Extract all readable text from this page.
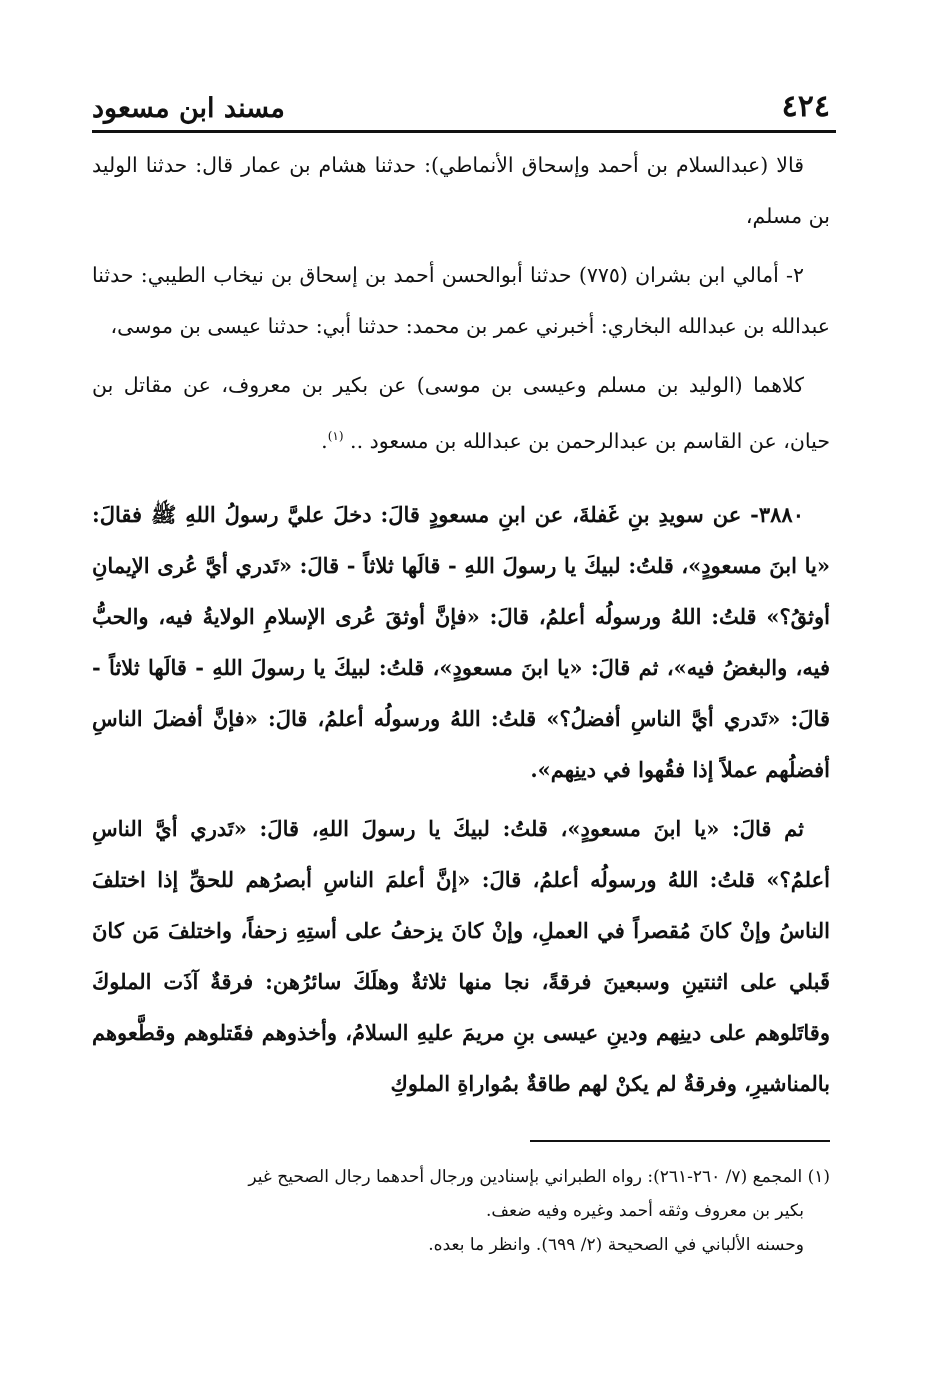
٤٢٤
مسند ابن مسعود

قالا (عبدالسلام بن أحمد وإسحاق الأنماطي): حدثنا هشام بن عمار قال: حدثنا الوليد بن مسلم،

٢- أمالي ابن بشران (٧٧٥) حدثنا أبوالحسن أحمد بن إسحاق بن نيخاب الطيبي: حدثنا عبدالله بن عبدالله البخاري: أخبرني عمر بن محمد: حدثنا أبي: حدثنا عيسى بن موسى،

كلاهما (الوليد بن مسلم وعيسى بن موسى) عن بكير بن معروف، عن مقاتل بن حيان، عن القاسم بن عبدالرحمن بن عبدالله بن مسعود .. $^{(١)}$.

٣٨٨٠- عن سويدِ بنِ غَفلةَ، عن ابنِ مسعودٍ قالَ: دخلَ عليَّ رسولُ اللهِ ﷺ فقالَ: «يا ابنَ مسعودٍ»، قلتُ: لبيكَ يا رسولَ اللهِ - قالَها ثلاثاً - قالَ: «تَدري أيَّ عُرى الإيمانِ أوثقُ؟» قلتُ: اللهُ ورسولُه أعلمُ، قالَ: «فإنَّ أوثقَ عُرى الإسلامِ الولايةُ فيه، والحبُّ فيه، والبغضُ فيه»، ثم قالَ: «يا ابنَ مسعودٍ»، قلتُ: لبيكَ يا رسولَ اللهِ - قالَها ثلاثاً - قالَ: «تَدري أيَّ الناسِ أفضلُ؟» قلتُ: اللهُ ورسولُه أعلمُ، قالَ: «فإنَّ أفضلَ الناسِ أفضلُهم عملاً إذا فقُهوا في دينِهم».

ثم قالَ: «يا ابنَ مسعودٍ»، قلتُ: لبيكَ يا رسولَ اللهِ، قالَ: «تَدري أيَّ الناسِ أعلمُ؟» قلتُ: اللهُ ورسولُه أعلمُ، قالَ: «إنَّ أعلمَ الناسِ أبصرُهم للحقِّ إذا اختلفَ الناسُ وإنْ كانَ مُقصراً في العملِ، وإنْ كانَ يزحفُ على أستِهِ زحفاً، واختلفَ مَن كانَ قَبلي على اثنتينِ وسبعينَ فرقةً، نجا منها ثلاثةٌ وهلَكَ سائرُهن: فرقةٌ آذَت الملوكَ وقاتَلوهم على دينِهم ودينِ عيسى بنِ مريمَ عليهِ السلامُ، وأخذوهم فقَتلوهم وقطَّعوهم بالمناشيرِ، وفرقةٌ لم يكنْ لهم طاقةٌ بمُواراةِ الملوكِ

(١) المجمع (٧/ ٢٦٠-٢٦١): رواه الطبراني بإسنادين ورجال أحدهما رجال الصحيح غير

بكير بن معروف وثقه أحمد وغيره وفيه ضعف.

وحسنه الألباني في الصحيحة (٢/ ٦٩٩). وانظر ما بعده.
